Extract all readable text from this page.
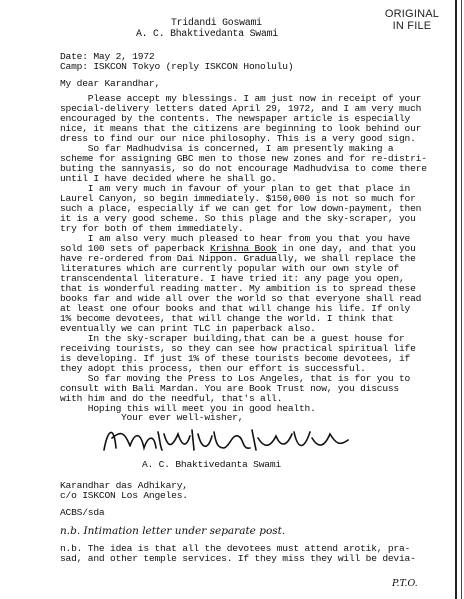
ORIGINAL
IN FILE
Tridandi Goswami
A. C. Bhaktivedanta Swami
Date: May 2, 1972
Camp: ISKCON Tokyo (reply ISKCON Honolulu)
My dear Karandhar,
Please accept my blessings. I am just now in receipt of your
special-delivery letters dated April 29, 1972, and I am very much
encouraged by the contents. The newspaper article is especially
nice, it means that the citizens are beginning to look behind our
dress to find our our nice philosophy. This is a very good sign.
So far Madhudvisa is concerned, I am presently making a
scheme for assigning GBC men to those new zones and for re-distri-
buting the sannyasis, so do not encourage Madhudvisa to come there
until I have decided where he shall go.
I am very much in favour of your plan to get that place in
Laurel Canyon, so begin immediately. $150,000 is not so much for
such a place, especially if we can get for low down-payment, then
it is a very good scheme. So this plage and the sky-scraper, you
try for both of them immediately.
I am also very much pleased to hear from you that you have
sold 100 sets of paperback Krishna Book in one day, and that you
have re-ordered from Dai Nippon. Gradually, we shall replace the
literatures which are currently popular with our own style of
transcendental literature. I have tried it: any page you open,
that is wonderful reading matter. My ambition is to spread these
books far and wide all over the world so that everyone shall read
at least one ofour books and that will change his life. If only
1% become devotees, that will change the world. I think that
eventually we can print TLC in paperback also.
In the sky-scraper building,that can be a guest house for
receiving tourists, so they can see how practical spiritual life
is developing. If just 1% of these tourists become devotees, if
they adopt this process, then our effort is successful.
So far moving the Press to Los Angeles, that is for you to
consult with Bali Mardan. You are Book Trust now, you discuss
with him and do the needful, that's all.
Hoping this will meet you in good health.
Your ever well-wisher,
A. C. Bhaktivedanta Swami
Karandhar das Adhikary,
c/o ISKCON Los Angeles.
ACBS/sda
n.b. Intimation letter under separate post.
n.b. The idea is that all the devotees must attend arotik, pra-
sad, and other temple services. If they miss they will be devia-
P.T.O.
